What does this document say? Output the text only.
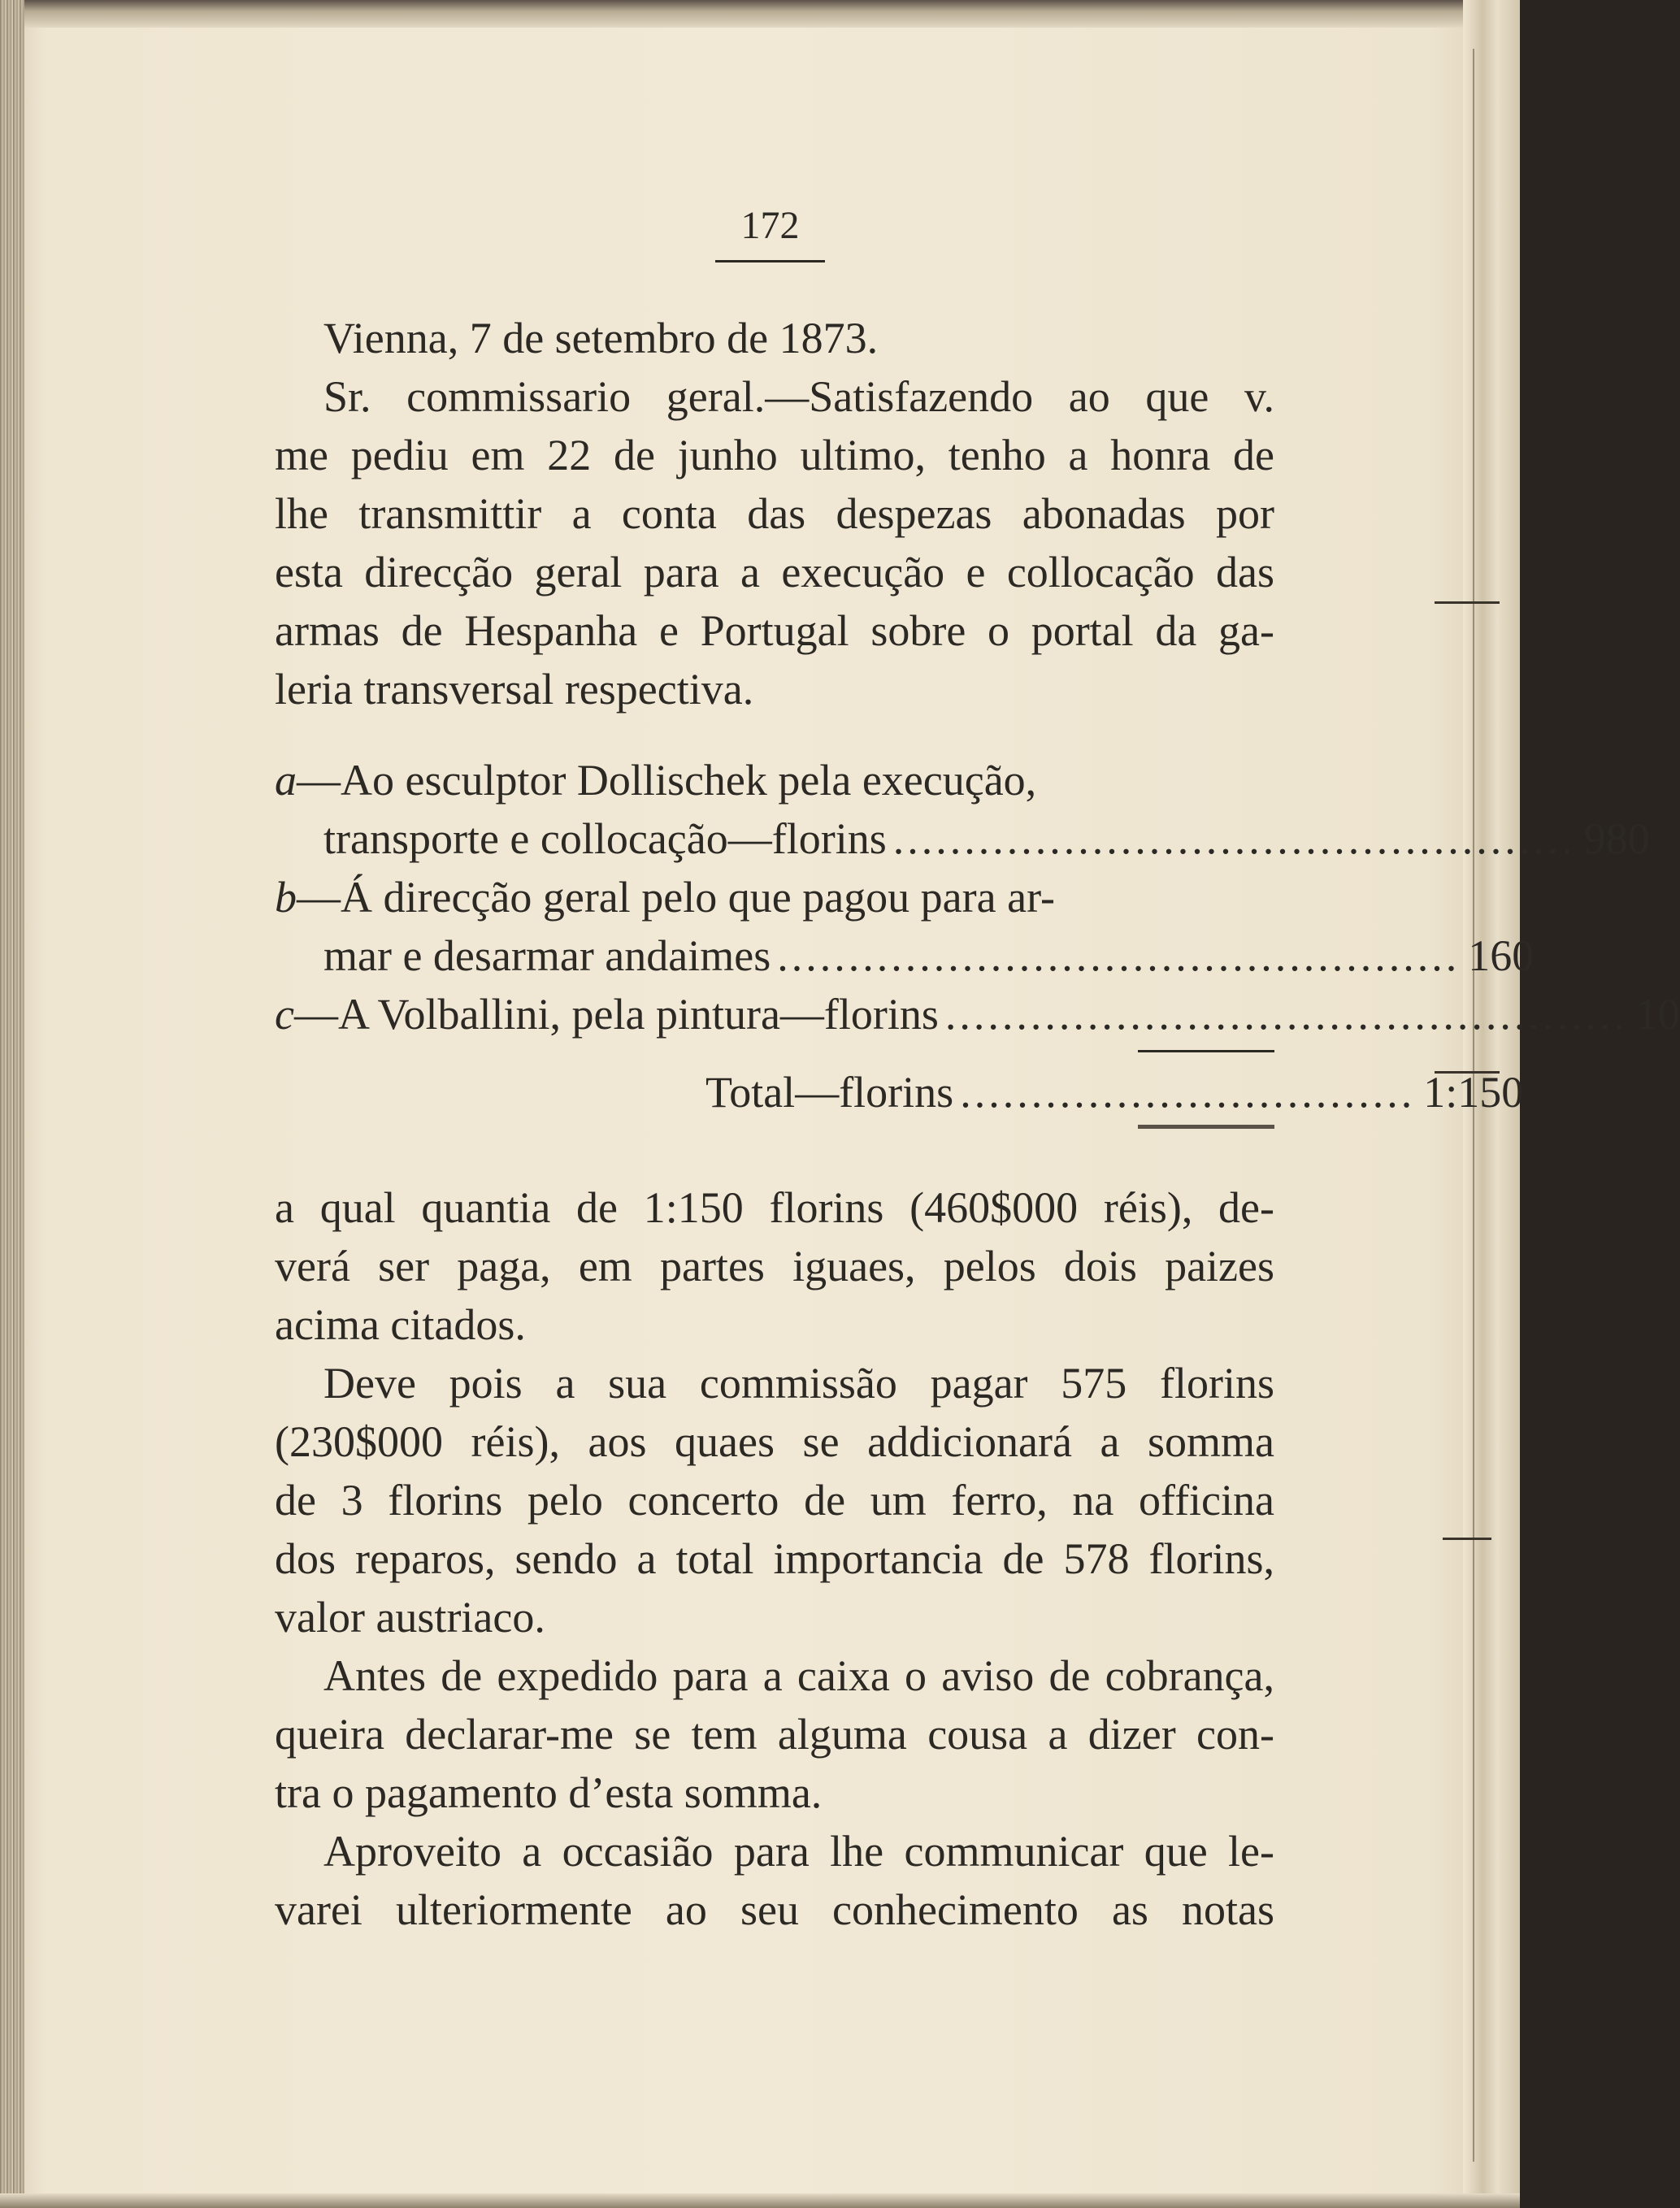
172
Vienna, 7 de setembro de 1873.
Sr. commissario geral.—Satisfazendo ao que v.
me pediu em 22 de junho ultimo, tenho a honra de
lhe transmittir a conta das despezas abonadas por
esta direcção geral para a execução e collocação das
armas de Hespanha e Portugal sobre o portal da ga-
leria transversal respectiva.
a—Ao esculptor Dollischek pela execução,
transporte e collocação—florins ................................................ 980
b—Á direcção geral pelo que pagou para ar-
mar e desarmar andaimes ................................................ 160
c—A Volballini, pela pintura—florins ................................................ 10
Total—florins ................................ 1:150
a qual quantia de 1:150 florins (460$000 réis), de-
verá ser paga, em partes iguaes, pelos dois paizes
acima citados.
Deve pois a sua commissão pagar 575 florins
(230$000 réis), aos quaes se addicionará a somma
de 3 florins pelo concerto de um ferro, na officina
dos reparos, sendo a total importancia de 578 florins,
valor austriaco.
Antes de expedido para a caixa o aviso de cobrança,
queira declarar-me se tem alguma cousa a dizer con-
tra o pagamento d’esta somma.
Aproveito a occasião para lhe communicar que le-
varei ulteriormente ao seu conhecimento as notas
